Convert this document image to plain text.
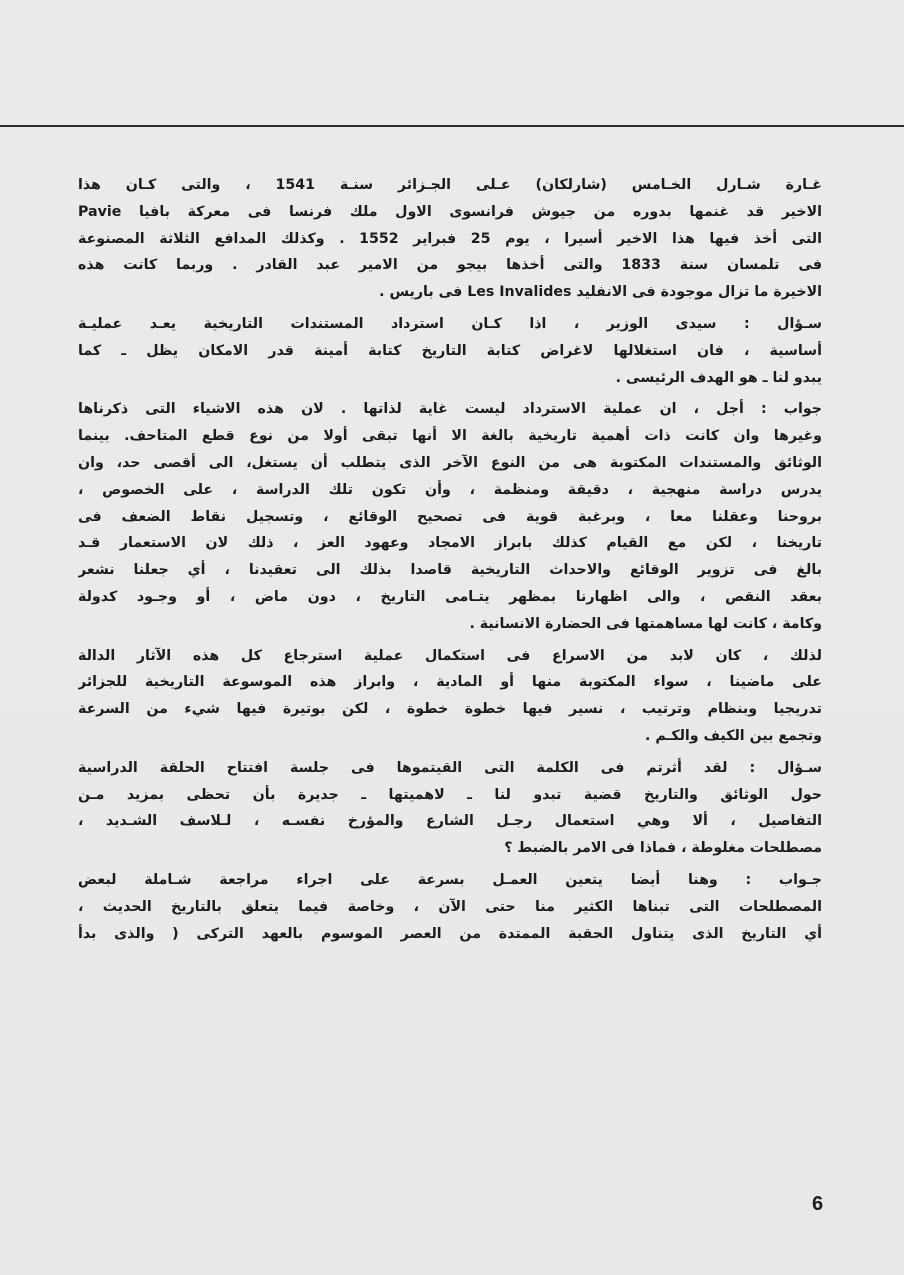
غـارة شـارل الخـامس (شارلكان) عـلى الجـزائر سنـة 1541 ، والتى كـان هذا
الاخير قد غنمها بدوره من جيوش فرانسوى الاول ملك فرنسا فى معركة بافيا Pavie
التى أخذ فيها هذا الاخير أسيرا ، يوم 25 فبراير 1552 . وكذلك المدافع الثلاثة المصنوعة
فى تلمسان سنة 1833 والتى أخذها بيجو من الامير عبد القادر . وربما كانت هذه
الاخيرة ما تزال موجودة فى الانفليد Les Invalides فى باريس .
سـؤال : سيدى الوزير ، اذا كـان استرداد المستندات التاريخية يعـد عمليـة
أساسية ، فان استغلالها لاغراض كتابة التاريخ كتابة أمينة قدر الامكان يظل ـ كما
يبدو لنا ـ هو الهدف الرئيسى .
جواب : أجل ، ان عملية الاسترداد ليست غاية لذاتها . لان هذه الاشياء التى ذكرناها
وغيرها وان كانت ذات أهمية تاريخية بالغة الا أنها تبقى أولا من نوع قطع المتاحف. بينما
الوثائق والمستندات المكتوبة هى من النوع الآخر الذى يتطلب أن يستغل، الى أقصى حد، وان
يدرس دراسة منهجية ، دقيقة ومنظمة ، وأن تكون تلك الدراسة ، على الخصوص ،
بروحنا وعقلنا معا ، وبرغبة قوية فى تصحيح الوقائع ، وتسجيل نقاط الضعف فى
تاريخنا ، لكن مع القيام كذلك بابراز الامجاد وعهود العز ، ذلك لان الاستعمار قـد
بالغ فى تزوير الوقائع والاحداث التاريخية قاصدا بذلك الى تعقيدنا ، أي جعلنا نشعر
بعقد النقص ، والى اظهارنا بمظهر يتـامى التاريخ ، دون ماض ، أو وجـود كدولة
وكامة ، كانت لها مساهمتها فى الحضارة الانسانية .
لذلك ، كان لابد من الاسراع فى استكمال عملية استرجاع كل هذه الآثار الدالة
على ماضينا ، سواء المكتوبة منها أو المادية ، وابراز هذه الموسوعة التاريخية للجزائر
تدريجيا وبنظام وترتيب ، نسير فيها خطوة خطوة ، لكن بوتيرة فيها شيء من السرعة
وتجمع بين الكيف والكـم .
سـؤال : لقد أثرتم فى الكلمة التى القيتموها فى جلسة افتتاح الحلقة الدراسية
حول الوثائق والتاريخ قضية تبدو لنا ـ لاهميتها ـ جديرة بأن تحظى بمزيد مـن
التفاصيل ، ألا وهي استعمال رجـل الشارع والمؤرخ نفسـه ، لـلاسف الشـديد ،
مصطلحات مغلوطة ، فماذا فى الامر بالضبط ؟
جـواب : وهنا أيضا يتعين العمـل بسرعة على اجراء مراجعة شـاملة لبعض
المصطلحات التى تبناها الكثير منا حتى الآن ، وخاصة فيما يتعلق بالتاريخ الحديث ،
أي التاريخ الذى يتناول الحقبة الممتدة من العصر الموسوم بالعهد التركى ( والذى بدأ
6
